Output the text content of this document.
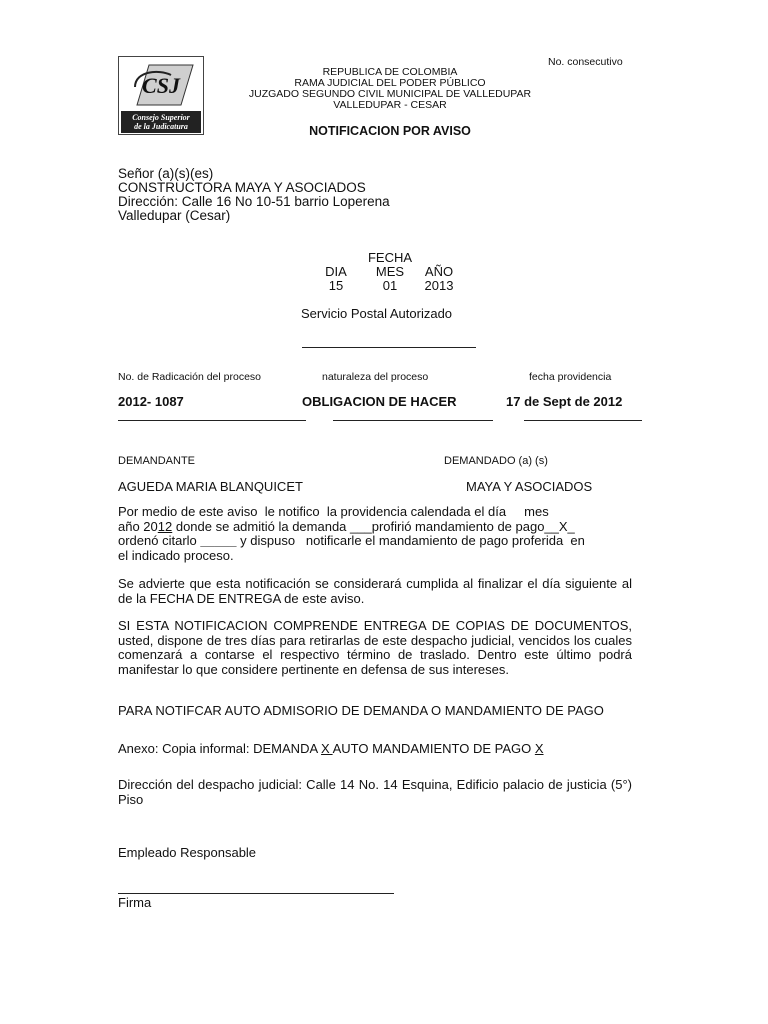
No. consecutivo
CSJ
Consejo Superior
de la Judicatura
REPUBLICA DE COLOMBIA
RAMA JUDICIAL DEL PODER PÚBLICO
JUZGADO SEGUNDO CIVIL MUNICIPAL DE VALLEDUPAR
VALLEDUPAR - CESAR
NOTIFICACION POR AVISO
Señor (a)(s)(es)
CONSTRUCTORA MAYA Y ASOCIADOS
Dirección: Calle 16 No 10-51 barrio Loperena
Valledupar (Cesar)
FECHA
DIA	MES	AÑO
15	01	2013
Servicio Postal Autorizado
No. de Radicación del proceso	naturaleza del proceso	fecha providencia
2012- 1087	OBLIGACION DE HACER	17 de Sept de 2012
DEMANDANTE	DEMANDADO (a) (s)
AGUEDA MARIA BLANQUICET	MAYA Y ASOCIADOS
Por medio de este aviso  le notifico  la providencia calendada el día     mes
año 2012 donde se admitió la demanda ___profirió mandamiento de pago__X_
ordenó citarlo _____ y dispuso   notificarle el mandamiento de pago proferida  en
el indicado proceso.
Se advierte que esta notificación se considerará cumplida al finalizar el día siguiente al de la FECHA DE ENTREGA de este aviso.
SI ESTA NOTIFICACION COMPRENDE ENTREGA DE COPIAS DE DOCUMENTOS, usted, dispone de tres días para retirarlas de este despacho judicial, vencidos los cuales comenzará a contarse el respectivo término de traslado. Dentro este último podrá manifestar lo que considere pertinente en defensa de sus intereses.
PARA NOTIFCAR AUTO ADMISORIO DE DEMANDA O MANDAMIENTO DE PAGO
Anexo: Copia informal: DEMANDA X AUTO MANDAMIENTO DE PAGO X
Dirección del despacho judicial: Calle 14 No. 14 Esquina, Edificio palacio de justicia (5°) Piso
Empleado Responsable
Firma
